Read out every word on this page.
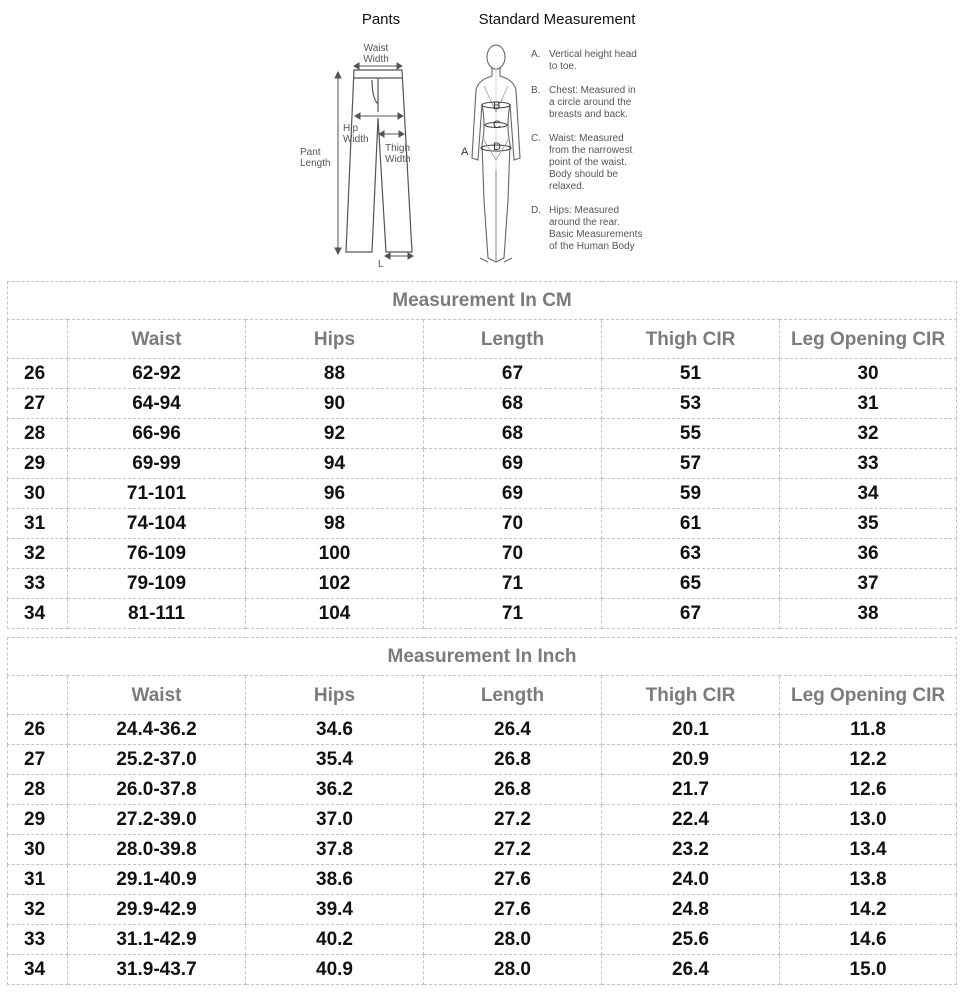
Pants	Standard Measurement
Waist
Width
Hip
Width
Pant
Length
Thigh
Width
L
A
B
C
D
A. Vertical height head
to toe.
B. Chest: Measured in
a circle around the
breasts and back.
C. Waist: Measured
from the narrowest
point of the waist.
Body should be
relaxed.
D. Hips: Measured
around the rear.
Basic Measurements
of the Human Body
Measurement In CM					
	Waist	Hips	Length	Thigh CIR	Leg Opening CIR
26	62-92	88	67	51	30
27	64-94	90	68	53	31
28	66-96	92	68	55	32
29	69-99	94	69	57	33
30	71-101	96	69	59	34
31	74-104	98	70	61	35
32	76-109	100	70	63	36
33	79-109	102	71	65	37
34	81-111	104	71	67	38
Measurement In Inch					
	Waist	Hips	Length	Thigh CIR	Leg Opening CIR
26	24.4-36.2	34.6	26.4	20.1	11.8
27	25.2-37.0	35.4	26.8	20.9	12.2
28	26.0-37.8	36.2	26.8	21.7	12.6
29	27.2-39.0	37.0	27.2	22.4	13.0
30	28.0-39.8	37.8	27.2	23.2	13.4
31	29.1-40.9	38.6	27.6	24.0	13.8
32	29.9-42.9	39.4	27.6	24.8	14.2
33	31.1-42.9	40.2	28.0	25.6	14.6
34	31.9-43.7	40.9	28.0	26.4	15.0
